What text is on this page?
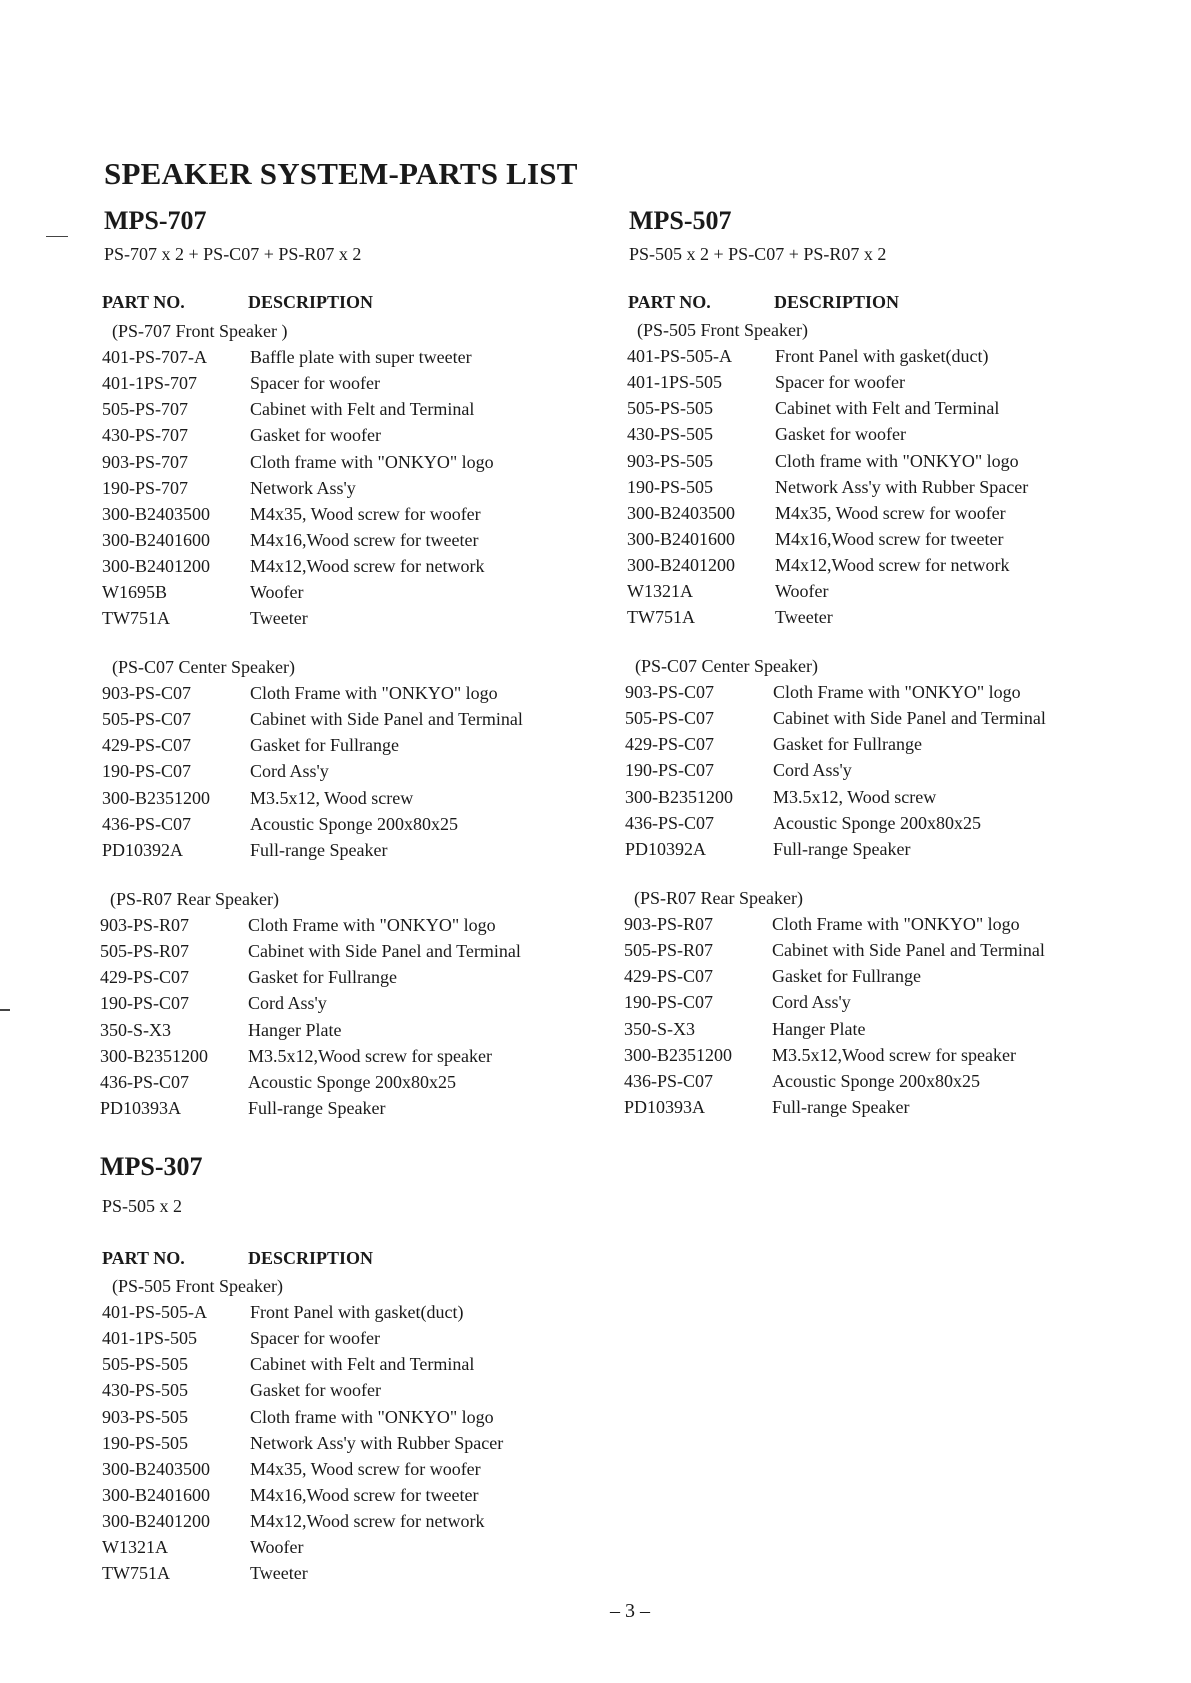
SPEAKER SYSTEM-PARTS LIST
MPS-707
PS-707 x 2 + PS-C07 + PS-R07 x 2
PART NO.	DESCRIPTION
(PS-707 Front Speaker )
401-PS-707-A Baffle plate with super tweeter
401-1PS-707	Spacer for woofer
505-PS-707	Cabinet with Felt and Terminal
430-PS-707	Gasket for woofer
903-PS-707	Cloth frame with "ONKYO" logo
190-PS-707	Network Ass'y
300-B2403500 M4x35, Wood screw for woofer
300-B2401600 M4x16,Wood screw for tweeter
300-B2401200 M4x12,Wood screw for network
W1695B	Woofer
TW751A	Tweeter
(PS-C07 Center Speaker)
903-PS-C07	Cloth Frame with "ONKYO" logo
505-PS-C07	Cabinet with Side Panel and Terminal
429-PS-C07	Gasket for Fullrange
190-PS-C07	Cord Ass'y
300-B2351200 M3.5x12, Wood screw
436-PS-C07	Acoustic Sponge 200x80x25
PD10392A	Full-range Speaker
(PS-R07 Rear Speaker)
903-PS-R07	Cloth Frame with "ONKYO" logo
505-PS-R07	Cabinet with Side Panel and Terminal
429-PS-C07	Gasket for Fullrange
190-PS-C07	Cord Ass'y
350-S-X3	Hanger Plate
300-B2351200 M3.5x12,Wood screw for speaker
436-PS-C07	Acoustic Sponge 200x80x25
PD10393A	Full-range Speaker
MPS-507
PS-505 x 2 + PS-C07 + PS-R07 x 2
PART NO.	DESCRIPTION
(PS-505 Front Speaker)
401-PS-505-A Front Panel with gasket(duct)
401-1PS-505	Spacer for woofer
505-PS-505	Cabinet with Felt and Terminal
430-PS-505	Gasket for woofer
903-PS-505	Cloth frame with "ONKYO" logo
190-PS-505	Network Ass'y with Rubber Spacer
300-B2403500 M4x35, Wood screw for woofer
300-B2401600 M4x16,Wood screw for tweeter
300-B2401200 M4x12,Wood screw for network
W1321A	Woofer
TW751A	Tweeter
(PS-C07 Center Speaker)
903-PS-C07	Cloth Frame with "ONKYO" logo
505-PS-C07	Cabinet with Side Panel and Terminal
429-PS-C07	Gasket for Fullrange
190-PS-C07	Cord Ass'y
300-B2351200 M3.5x12, Wood screw
436-PS-C07	Acoustic Sponge 200x80x25
PD10392A	Full-range Speaker
(PS-R07 Rear Speaker)
903-PS-R07	Cloth Frame with "ONKYO" logo
505-PS-R07	Cabinet with Side Panel and Terminal
429-PS-C07	Gasket for Fullrange
190-PS-C07	Cord Ass'y
350-S-X3	Hanger Plate
300-B2351200 M3.5x12,Wood screw for speaker
436-PS-C07	Acoustic Sponge 200x80x25
PD10393A	Full-range Speaker
MPS-307
PS-505 x 2
PART NO.	DESCRIPTION
(PS-505 Front Speaker)
401-PS-505-A Front Panel with gasket(duct)
401-1PS-505	Spacer for woofer
505-PS-505	Cabinet with Felt and Terminal
430-PS-505	Gasket for woofer
903-PS-505	Cloth frame with "ONKYO" logo
190-PS-505	Network Ass'y with Rubber Spacer
300-B2403500 M4x35, Wood screw for woofer
300-B2401600 M4x16,Wood screw for tweeter
300-B2401200 M4x12,Wood screw for network
W1321A	Woofer
TW751A	Tweeter
– 3 –
